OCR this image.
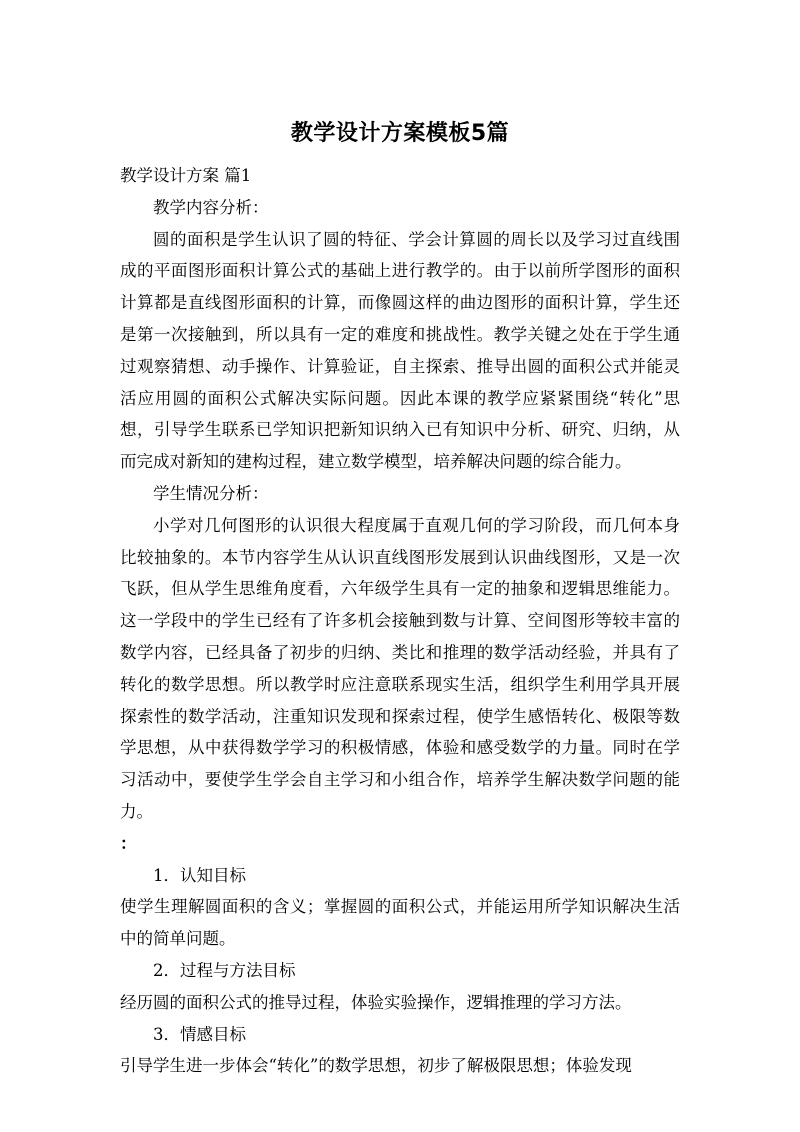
教学设计方案模板5篇

教学设计方案 篇1

教学内容分析：

圆的面积是学生认识了圆的特征、学会计算圆的周长以及学习过直线围成的平面图形面积计算公式的基础上进行教学的。由于以前所学图形的面积计算都是直线图形面积的计算，而像圆这样的曲边图形的面积计算，学生还是第一次接触到，所以具有一定的难度和挑战性。教学关键之处在于学生通过观察猜想、动手操作、计算验证，自主探索、推导出圆的面积公式并能灵活应用圆的面积公式解决实际问题。因此本课的教学应紧紧围绕“转化”思想，引导学生联系已学知识把新知识纳入已有知识中分析、研究、归纳，从而完成对新知的建构过程，建立数学模型，培养解决问题的综合能力。

学生情况分析：

小学对几何图形的认识很大程度属于直观几何的学习阶段，而几何本身比较抽象的。本节内容学生从认识直线图形发展到认识曲线图形，又是一次飞跃，但从学生思维角度看，六年级学生具有一定的抽象和逻辑思维能力。这一学段中的学生已经有了许多机会接触到数与计算、空间图形等较丰富的数学内容，已经具备了初步的归纳、类比和推理的数学活动经验，并具有了转化的数学思想。所以教学时应注意联系现实生活，组织学生利用学具开展探索性的数学活动，注重知识发现和探索过程，使学生感悟转化、极限等数学思想，从中获得数学学习的积极情感，体验和感受数学的力量。同时在学习活动中，要使学生学会自主学习和小组合作，培养学生解决数学问题的能力。

：

1．认知目标

使学生理解圆面积的含义；掌握圆的面积公式，并能运用所学知识解决生活中的简单问题。

2．过程与方法目标

经历圆的面积公式的推导过程，体验实验操作，逻辑推理的学习方法。

3．情感目标

引导学生进一步体会“转化”的数学思想，初步了解极限思想；体验发现
